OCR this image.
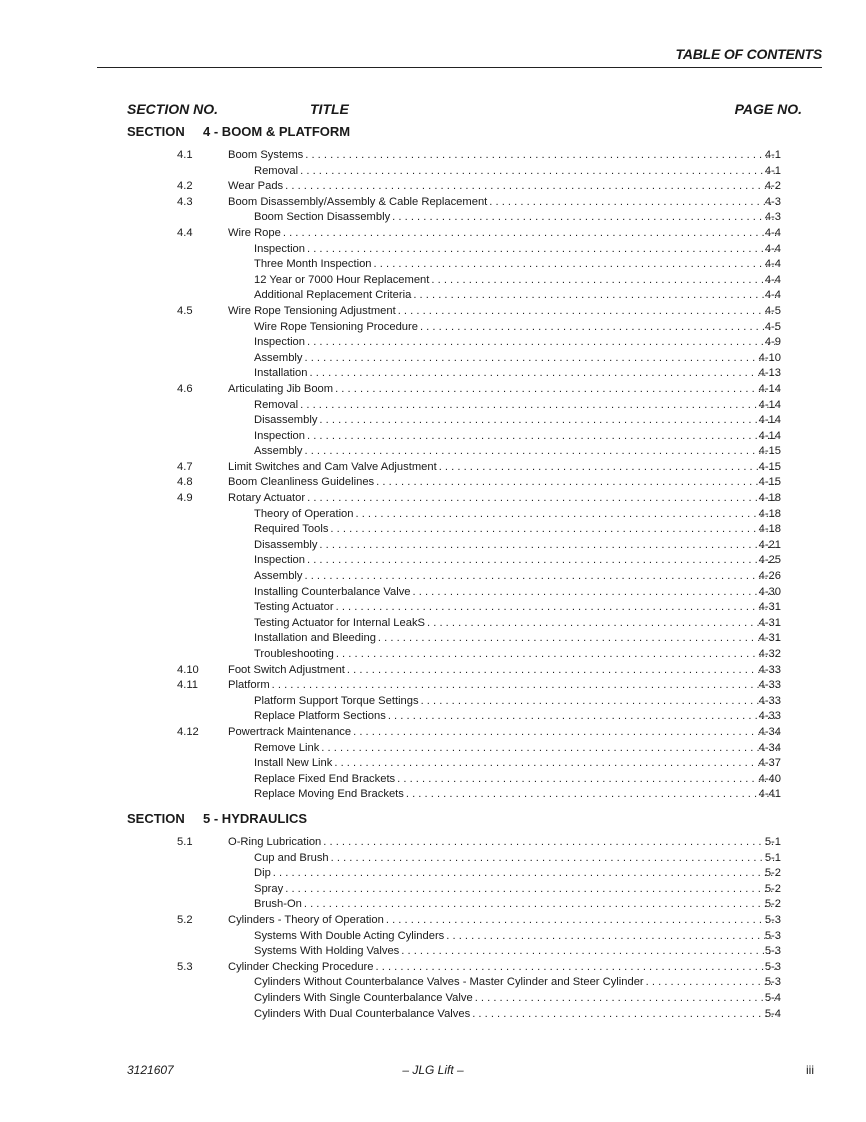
TABLE OF CONTENTS
SECTION NO.	TITLE	PAGE NO.
SECTION 4 - BOOM & PLATFORM
4.1	Boom Systems . . .	4-1
Removal . . .	4-1
4.2	Wear Pads . . .	4-2
4.3	Boom Disassembly/Assembly & Cable Replacement . . .	4-3
Boom Section Disassembly . . .	4-3
4.4	Wire Rope . . .	4-4
Inspection . . .	4-4
Three Month Inspection . . .	4-4
12 Year or 7000 Hour Replacement . . .	4-4
Additional Replacement Criteria . . .	4-4
4.5	Wire Rope Tensioning Adjustment . . .	4-5
Wire Rope Tensioning Procedure . . .	4-5
Inspection . . .	4-9
Assembly . . .	4-10
Installation . . .	4-13
4.6	Articulating Jib Boom . . .	4-14
Removal . . .	4-14
Disassembly . . .	4-14
Inspection . . .	4-14
Assembly . . .	4-15
4.7	Limit Switches and Cam Valve Adjustment . . .	4-15
4.8	Boom Cleanliness Guidelines . . .	4-15
4.9	Rotary Actuator . . .	4-18
Theory of Operation . . .	4-18
Required Tools . . .	4-18
Disassembly . . .	4-21
Inspection . . .	4-25
Assembly . . .	4-26
Installing Counterbalance Valve . . .	4-30
Testing Actuator . . .	4-31
Testing Actuator for Internal LeakS . . .	4-31
Installation and Bleeding . . .	4-31
Troubleshooting . . .	4-32
4.10	Foot Switch Adjustment . . .	4-33
4.11	Platform . . .	4-33
Platform Support Torque Settings . . .	4-33
Replace Platform Sections . . .	4-33
4.12	Powertrack Maintenance . . .	4-34
Remove Link . . .	4-34
Install New Link . . .	4-37
Replace Fixed End Brackets . . .	4-40
Replace Moving End Brackets . . .	4-41
SECTION 5 - HYDRAULICS
5.1	O-Ring Lubrication . . .	5-1
Cup and Brush . . .	5-1
Dip . . .	5-2
Spray . . .	5-2
Brush-On . . .	5-2
5.2	Cylinders - Theory of Operation . . .	5-3
Systems With Double Acting Cylinders . . .	5-3
Systems With Holding Valves . . .	5-3
5.3	Cylinder Checking Procedure . . .	5-3
Cylinders Without Counterbalance Valves - Master Cylinder and Steer Cylinder . . .	5-3
Cylinders With Single Counterbalance Valve . . .	5-4
Cylinders With Dual Counterbalance Valves . . .	5-4
3121607	– JLG Lift –	iii
